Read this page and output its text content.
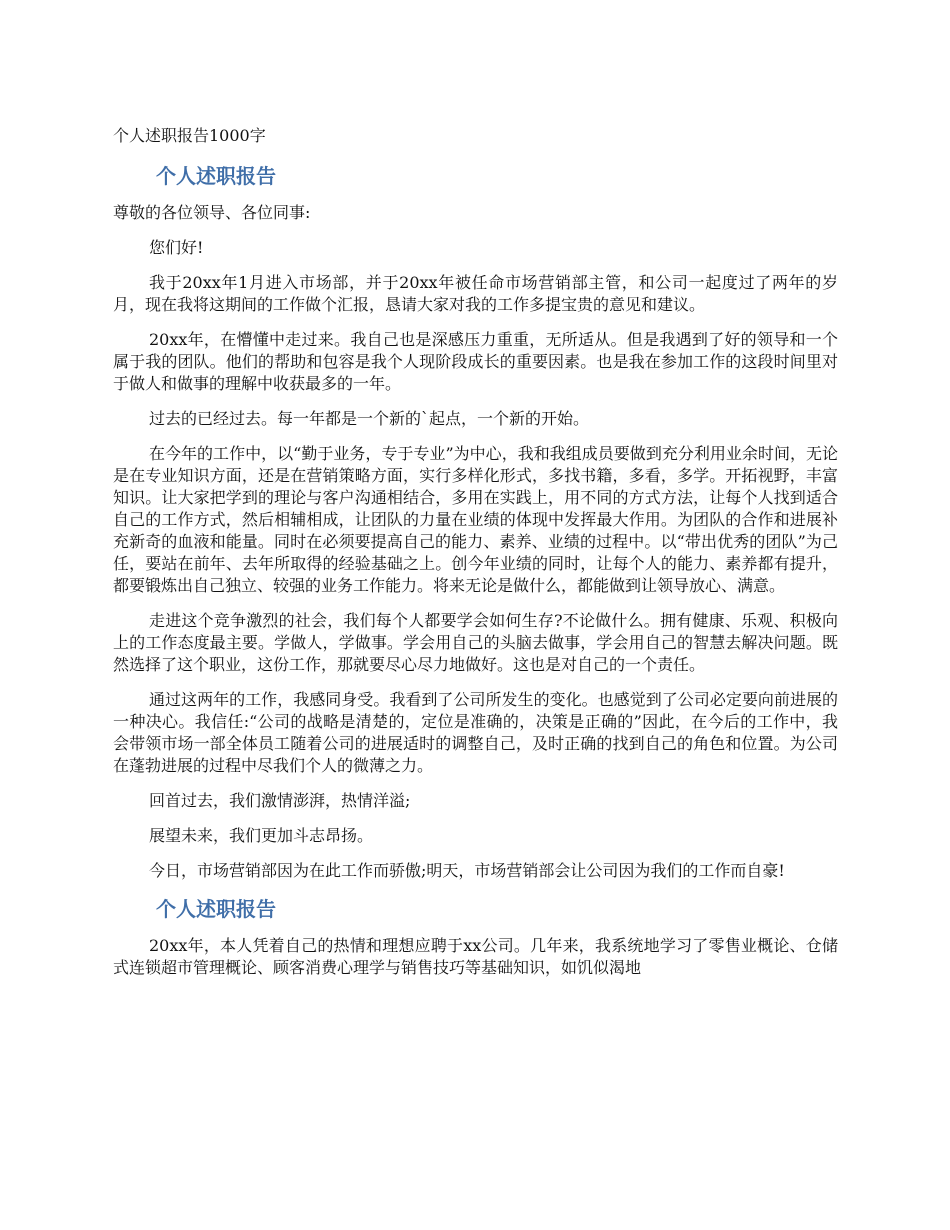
个人述职报告1000字
个人述职报告

尊敬的各位领导、各位同事:

您们好!

我于20xx年1月进入市场部，并于20xx年被任命市场营销部主管，和公司一起度过了两年的岁月，现在我将这期间的工作做个汇报，恳请大家对我的工作多提宝贵的意见和建议。

20xx年，在懵懂中走过来。我自己也是深感压力重重，无所适从。但是我遇到了好的领导和一个属于我的团队。他们的帮助和包容是我个人现阶段成长的重要因素。也是我在参加工作的这段时间里对于做人和做事的理解中收获最多的一年。

过去的已经过去。每一年都是一个新的`起点，一个新的开始。

在今年的工作中，以“勤于业务，专于专业”为中心，我和我组成员要做到充分利用业余时间，无论是在专业知识方面，还是在营销策略方面，实行多样化形式，多找书籍，多看，多学。开拓视野，丰富知识。让大家把学到的理论与客户沟通相结合，多用在实践上，用不同的方式方法，让每个人找到适合自己的工作方式，然后相辅相成，让团队的力量在业绩的体现中发挥最大作用。为团队的合作和进展补充新奇的血液和能量。同时在必须要提高自己的能力、素养、业绩的过程中。以“带出优秀的团队”为己任，要站在前年、去年所取得的经验基础之上。创今年业绩的同时，让每个人的能力、素养都有提升，都要锻炼出自己独立、较强的业务工作能力。将来无论是做什么，都能做到让领导放心、满意。

走进这个竞争激烈的社会，我们每个人都要学会如何生存?不论做什么。拥有健康、乐观、积极向上的工作态度最主要。学做人，学做事。学会用自己的头脑去做事，学会用自己的智慧去解决问题。既然选择了这个职业，这份工作，那就要尽心尽力地做好。这也是对自己的一个责任。

通过这两年的工作，我感同身受。我看到了公司所发生的变化。也感觉到了公司必定要向前进展的一种决心。我信任:“公司的战略是清楚的，定位是准确的，决策是正确的”因此，在今后的工作中，我会带领市场一部全体员工随着公司的进展适时的调整自己，及时正确的找到自己的角色和位置。为公司在蓬勃进展的过程中尽我们个人的微薄之力。

回首过去，我们激情澎湃，热情洋溢;

展望未来，我们更加斗志昂扬。

今日，市场营销部因为在此工作而骄傲;明天，市场营销部会让公司因为我们的工作而自豪!

个人述职报告

20xx年，本人凭着自己的热情和理想应聘于xx公司。几年来，我系统地学习了零售业概论、仓储式连锁超市管理概论、顾客消费心理学与销售技巧等基础知识，如饥似渴地
